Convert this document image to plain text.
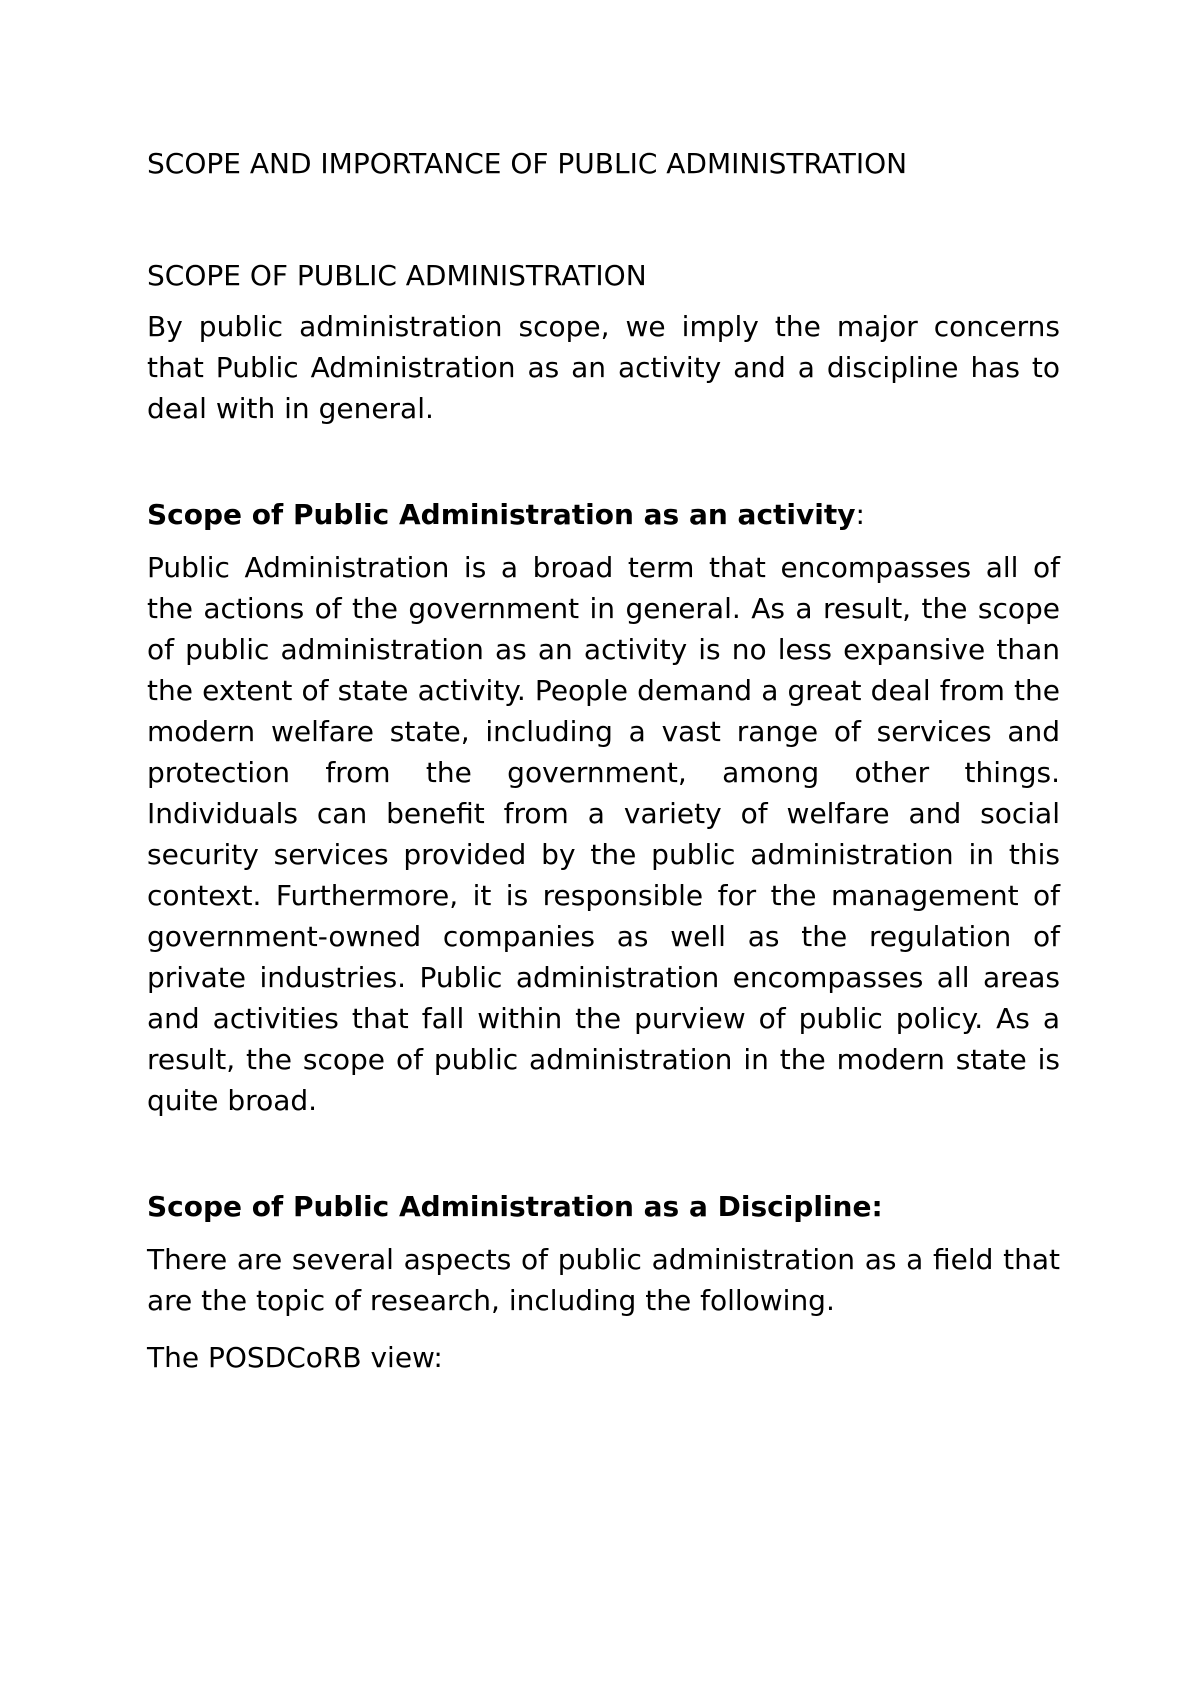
SCOPE AND IMPORTANCE OF PUBLIC ADMINISTRATION

SCOPE OF PUBLIC ADMINISTRATION

By public administration scope, we imply the major concerns that Public Administration as an activity and a discipline has to deal with in general.

Scope of Public Administration as an activity:

Public Administration is a broad term that encompasses all of the actions of the government in general. As a result, the scope of public administration as an activity is no less expansive than the extent of state activity. People demand a great deal from the modern welfare state, including a vast range of services and protection from the government, among other things. Individuals can benefit from a variety of welfare and social security services provided by the public administration in this context. Furthermore, it is responsible for the management of government-owned companies as well as the regulation of private industries. Public administration encompasses all areas and activities that fall within the purview of public policy. As a result, the scope of public administration in the modern state is quite broad.

Scope of Public Administration as a Discipline:

There are several aspects of public administration as a field that are the topic of research, including the following.

The POSDCoRB view:
